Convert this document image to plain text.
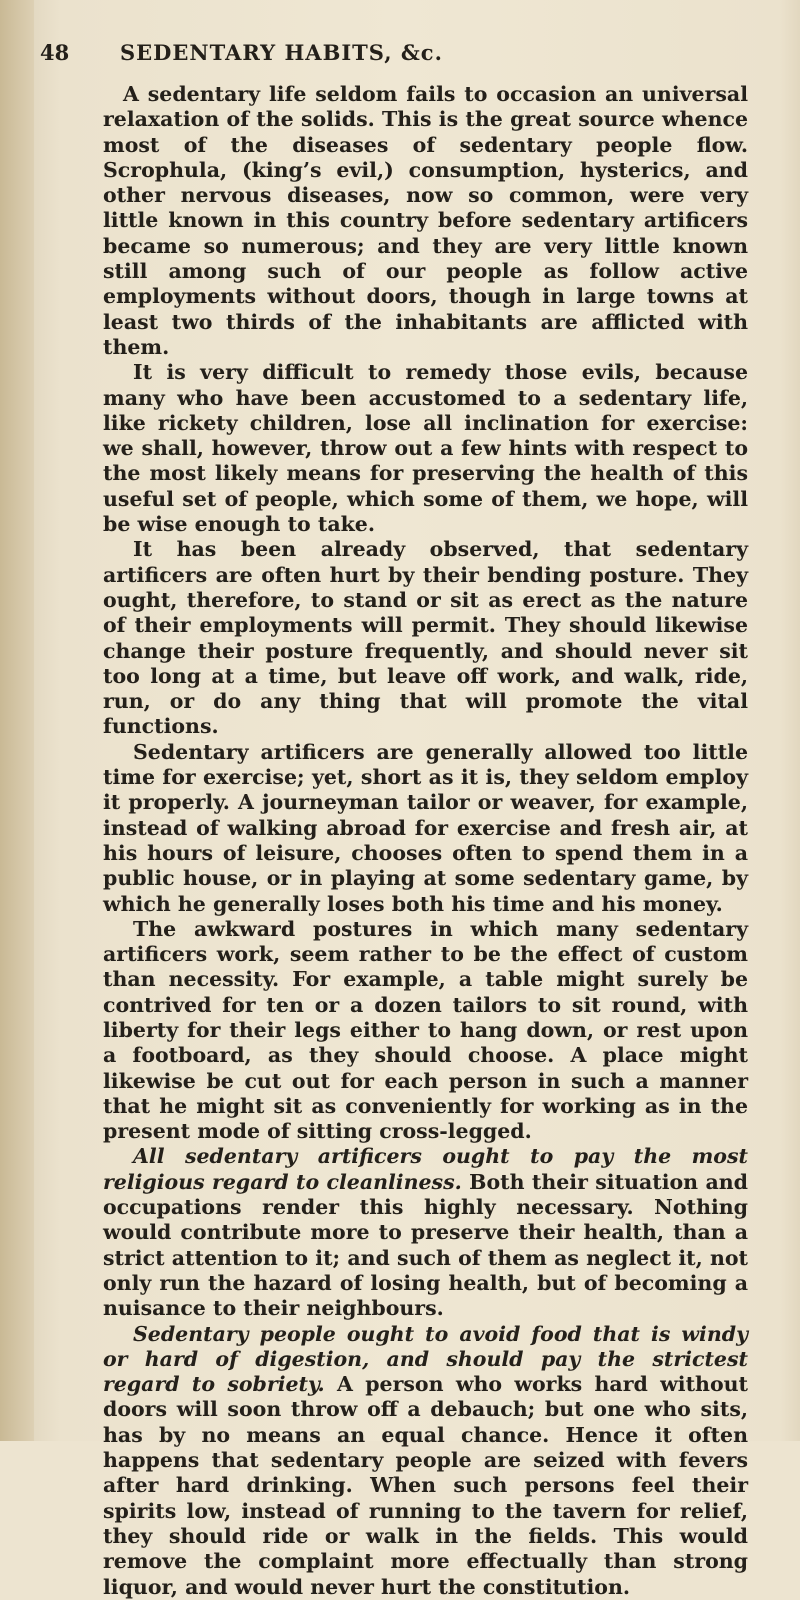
48 SEDENTARY HABITS, &c.

A sedentary life seldom fails to occasion an universal relaxation of the solids. This is the great source whence most of the diseases of sedentary people flow. Scrophula, (king’s evil,) consumption, hysterics, and other nervous diseases, now so common, were very little known in this country before sedentary artificers became so numerous; and they are very little known still among such of our people as follow active employments without doors, though in large towns at least two thirds of the inhabitants are afflicted with them.

It is very difficult to remedy those evils, because many who have been accustomed to a sedentary life, like rickety children, lose all inclination for exercise: we shall, however, throw out a few hints with respect to the most likely means for preserving the health of this useful set of people, which some of them, we hope, will be wise enough to take.

It has been already observed, that sedentary artificers are often hurt by their bending posture. They ought, therefore, to stand or sit as erect as the nature of their employments will permit. They should likewise change their posture frequently, and should never sit too long at a time, but leave off work, and walk, ride, run, or do any thing that will promote the vital functions.

Sedentary artificers are generally allowed too little time for exercise; yet, short as it is, they seldom employ it properly. A journeyman tailor or weaver, for example, instead of walking abroad for exercise and fresh air, at his hours of leisure, chooses often to spend them in a public house, or in playing at some sedentary game, by which he generally loses both his time and his money.

The awkward postures in which many sedentary artificers work, seem rather to be the effect of custom than necessity. For example, a table might surely be contrived for ten or a dozen tailors to sit round, with liberty for their legs either to hang down, or rest upon a footboard, as they should choose. A place might likewise be cut out for each person in such a manner that he might sit as conveniently for working as in the present mode of sitting cross-legged.

All sedentary artificers ought to pay the most religious regard to cleanliness. Both their situation and occupations render this highly necessary. Nothing would contribute more to preserve their health, than a strict attention to it; and such of them as neglect it, not only run the hazard of losing health, but of becoming a nuisance to their neighbours.

Sedentary people ought to avoid food that is windy or hard of digestion, and should pay the strictest regard to sobriety. A person who works hard without doors will soon throw off a debauch; but one who sits, has by no means an equal chance. Hence it often happens that sedentary people are seized with fevers after hard drinking. When such persons feel their spirits low, instead of running to the tavern for relief, they should ride or walk in the fields. This would remove the complaint more effectually than strong liquor, and would never hurt the constitution.
